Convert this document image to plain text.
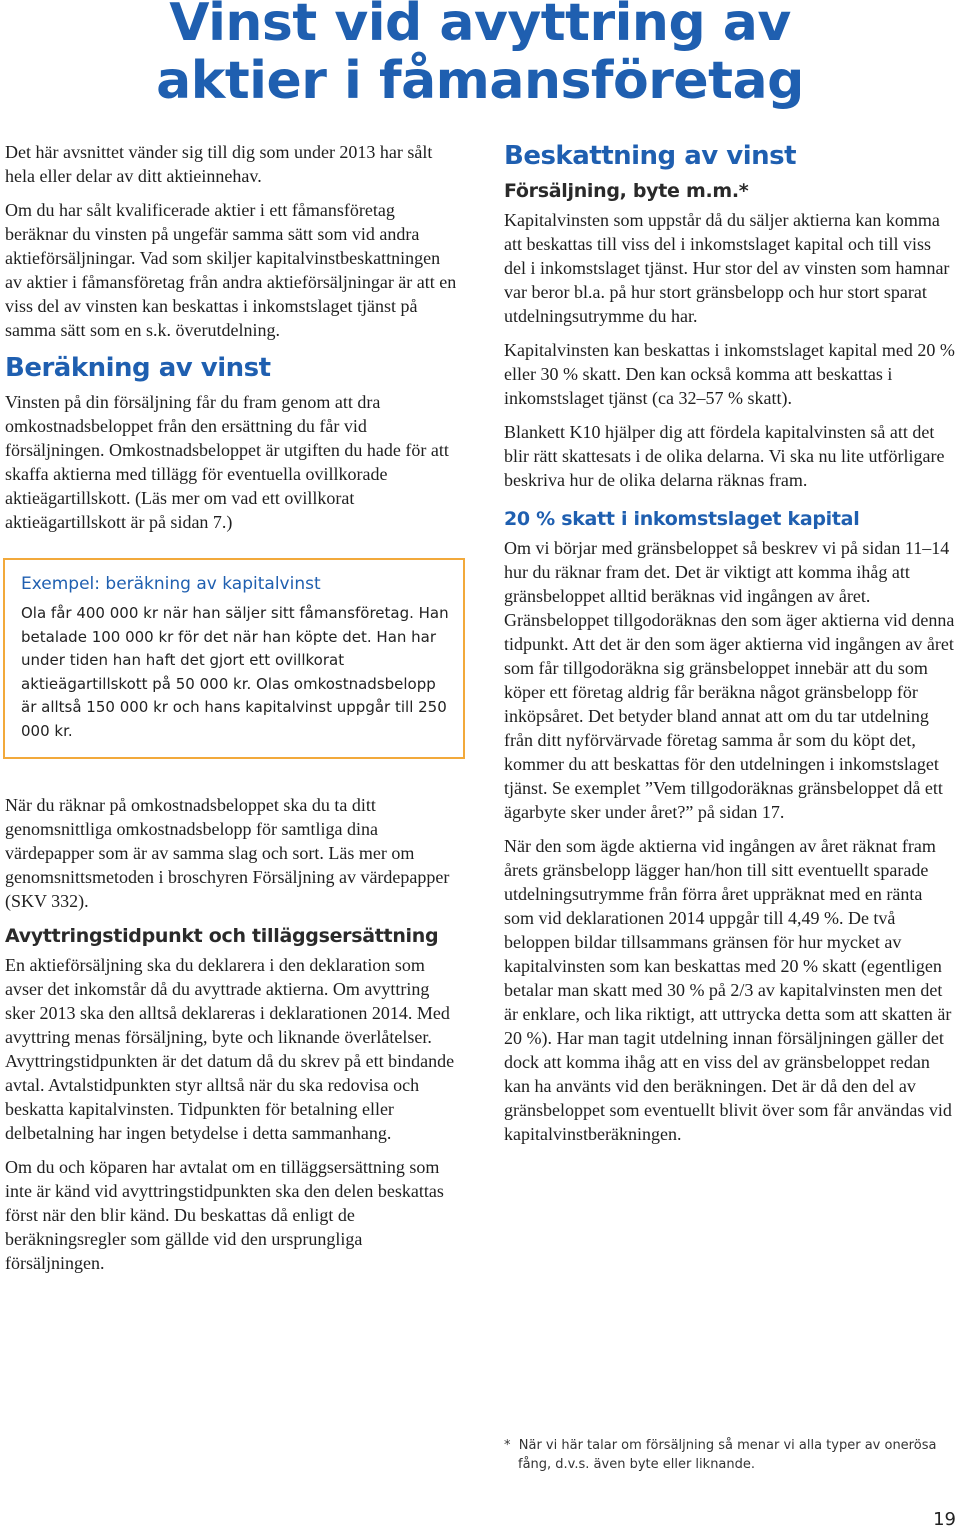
Vinst vid avyttring av
aktier i fåmansföretag

Det här avsnittet vänder sig till dig som under 2013 har sålt hela eller delar av ditt aktieinnehav.

Om du har sålt kvalificerade aktier i ett fåmansföretag beräknar du vinsten på ungefär samma sätt som vid andra aktieförsäljningar. Vad som skiljer kapitalvinstbeskattningen av aktier i fåmansföretag från andra aktieförsäljningar är att en viss del av vinsten kan beskattas i inkomstslaget tjänst på samma sätt som en s.k. överutdelning.

Beräkning av vinst

Vinsten på din försäljning får du fram genom att dra omkostnadsbeloppet från den ersättning du får vid försäljningen. Omkostnadsbeloppet är utgiften du hade för att skaffa aktierna med tillägg för eventuella ovillkorade aktieägartillskott. (Läs mer om vad ett ovillkorat aktieägartillskott är på sidan 7.)

Exempel: beräkning av kapitalvinst

Ola får 400 000 kr när han säljer sitt fåmansföretag. Han betalade 100 000 kr för det när han köpte det. Han har under tiden han haft det gjort ett ovillkorat aktieägartillskott på 50 000 kr. Olas omkostnadsbelopp är alltså 150 000 kr och hans kapitalvinst uppgår till 250 000 kr.

När du räknar på omkostnadsbeloppet ska du ta ditt genomsnittliga omkostnadsbelopp för samtliga dina värdepapper som är av samma slag och sort. Läs mer om genomsnittsmetoden i broschyren Försäljning av värdepapper (SKV 332).

Avyttringstidpunkt och tilläggsersättning

En aktieförsäljning ska du deklarera i den deklaration som avser det inkomstår då du avyttrade aktierna. Om avyttring sker 2013 ska den alltså deklareras i deklarationen 2014. Med avyttring menas försäljning, byte och liknande överlåtelser. Avyttringstidpunkten är det datum då du skrev på ett bindande avtal. Avtalstidpunkten styr alltså när du ska redovisa och beskatta kapitalvinsten. Tidpunkten för betalning eller delbetalning har ingen betydelse i detta sammanhang.

Om du och köparen har avtalat om en tilläggsersättning som inte är känd vid avyttringstidpunkten ska den delen beskattas först när den blir känd. Du beskattas då enligt de beräkningsregler som gällde vid den ursprungliga försäljningen.

Beskattning av vinst
Försäljning, byte m.m.*

Kapitalvinsten som uppstår då du säljer aktierna kan komma att beskattas till viss del i inkomstslaget kapital och till viss del i inkomstslaget tjänst. Hur stor del av vinsten som hamnar var beror bl.a. på hur stort gränsbelopp och hur stort sparat utdelningsutrymme du har.

Kapitalvinsten kan beskattas i inkomstslaget kapital med 20 % eller 30 % skatt. Den kan också komma att beskattas i inkomstslaget tjänst (ca 32–57 % skatt).

Blankett K10 hjälper dig att fördela kapitalvinsten så att det blir rätt skattesats i de olika delarna. Vi ska nu lite utförligare beskriva hur de olika delarna räknas fram.

20 % skatt i inkomstslaget kapital

Om vi börjar med gränsbeloppet så beskrev vi på sidan 11–14 hur du räknar fram det. Det är viktigt att komma ihåg att gränsbeloppet alltid beräknas vid ingången av året. Gränsbeloppet tillgodoräknas den som äger aktierna vid denna tidpunkt. Att det är den som äger aktierna vid ingången av året som får tillgodoräkna sig gränsbeloppet innebär att du som köper ett företag aldrig får beräkna något gränsbelopp för inköpsåret. Det betyder bland annat att om du tar utdelning från ditt nyförvärvade företag samma år som du köpt det, kommer du att beskattas för den utdelningen i inkomstslaget tjänst. Se exemplet ”Vem tillgodoräknas gränsbeloppet då ett ägarbyte sker under året?” på sidan 17.

När den som ägde aktierna vid ingången av året räknat fram årets gränsbelopp lägger han/hon till sitt eventuellt sparade utdelningsutrymme från förra året uppräknat med en ränta som vid deklarationen 2014 uppgår till 4,49 %. De två beloppen bildar tillsammans gränsen för hur mycket av kapitalvinsten som kan beskattas med 20 % skatt (egentligen betalar man skatt med 30 % på 2/3 av kapitalvinsten men det är enklare, och lika riktigt, att uttrycka detta som att skatten är 20 %). Har man tagit utdelning innan försäljningen gäller det dock att komma ihåg att en viss del av gränsbeloppet redan kan ha använts vid den beräkningen. Det är då den del av gränsbeloppet som eventuellt blivit över som får användas vid kapitalvinstberäkningen.

*  När vi här talar om försäljning så menar vi alla typer av onerösa fång, d.v.s. även byte eller liknande.
19
